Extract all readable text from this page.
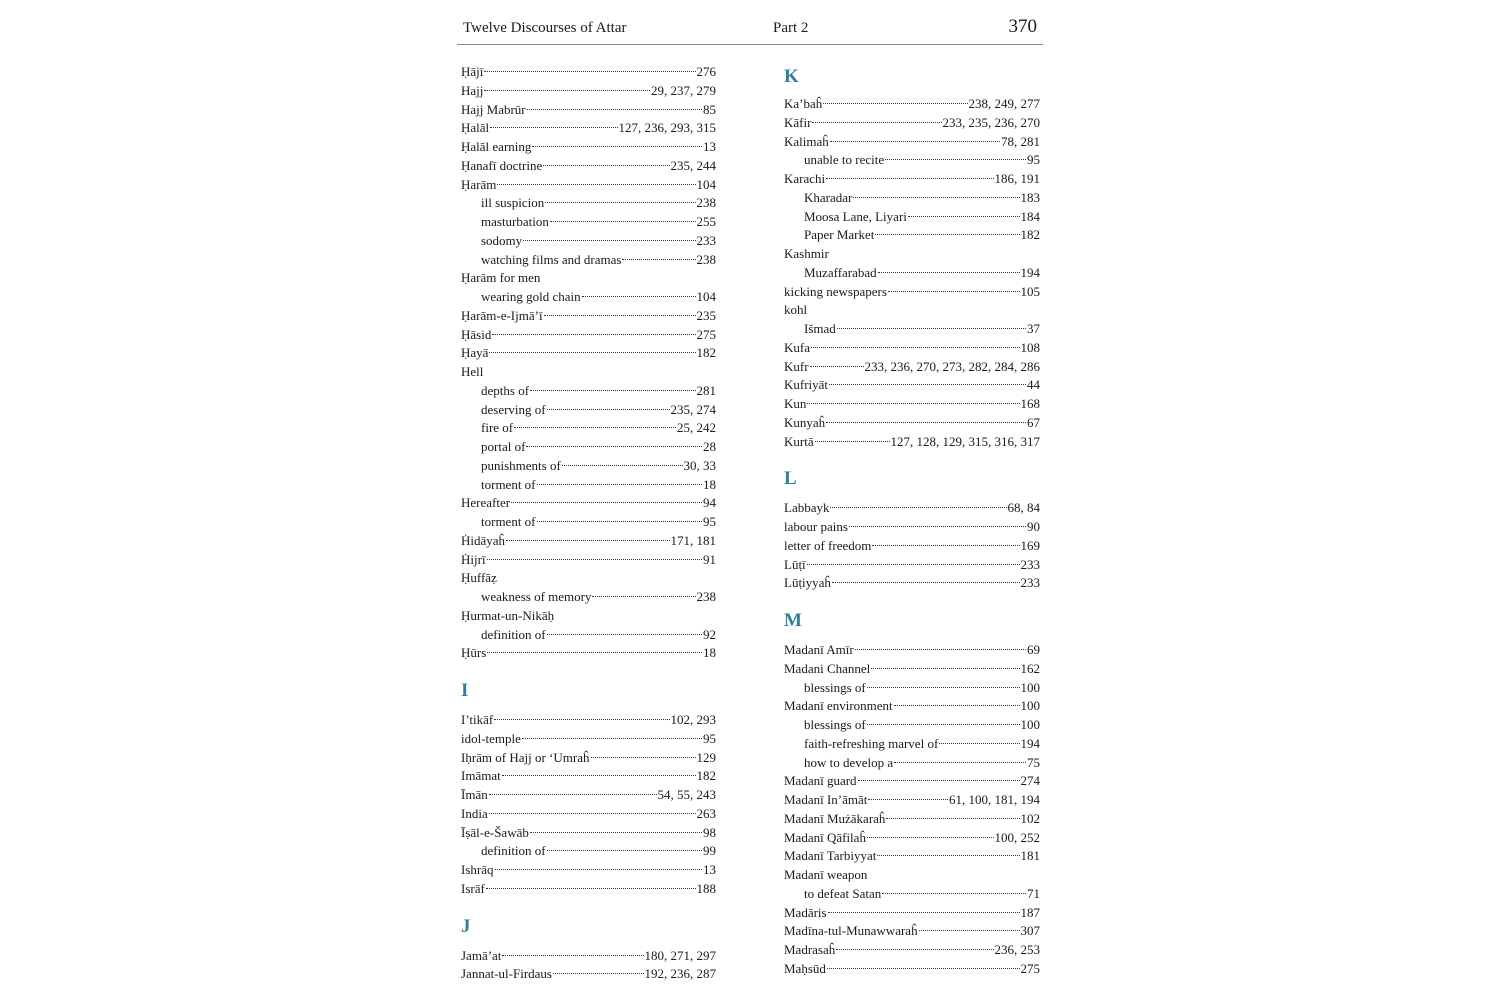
Twelve Discourses of Attar	Part 2	370
Ḥājī	276
Hajj	29, 237, 279
Hajj Mabrūr	85
Ḥalāl	127, 236, 293, 315
Ḥalāl earning	13
Ḥanafī doctrine	235, 244
Ḥarām	104
ill suspicion	238
masturbation	255
sodomy	233
watching films and dramas	238
Ḥarām for men
wearing gold chain	104
Ḥarām-e-Ijmā’ī	235
Ḥāsid	275
Ḥayā	182
Hell
depths of	281
deserving of	235, 274
fire of	25, 242
portal of	28
punishments of	30, 33
torment of	18
Hereafter	94
torment of	95
Ḣidāyaĥ	171, 181
Ḣijrī	91
Ḥuffāẓ
weakness of memory	238
Ḥurmat-un-Nikāḥ
definition of	92
Ḥūrs	18
I
I’tikāf	102, 293
idol-temple	95
Iḥrām of Hajj or ‘Umraĥ	129
Imāmat	182
Īmān	54, 55, 243
India	263
Īṣāl-e-Šawāb	98
definition of	99
Ishrāq	13
Isrāf	188
J
Jamā’at	180, 271, 297
Jannat-ul-Firdaus	192, 236, 287
K
Ka’baĥ	238, 249, 277
Kāfir	233, 235, 236, 270
Kalimaĥ	78, 281
unable to recite	95
Karachi	186, 191
Kharadar	183
Moosa Lane, Liyari	184
Paper Market	182
Kashmir
Muzaffarabad	194
kicking newspapers	105
kohl
Išmad	37
Kufa	108
Kufr	233, 236, 270, 273, 282, 284, 286
Kufriyāt	44
Kun	168
Kunyaĥ	67
Kurtā	127, 128, 129, 315, 316, 317
L
Labbayk	68, 84
labour pains	90
letter of freedom	169
Lūṭī	233
Lūṭiyyaĥ	233
M
Madanī Amīr	69
Madani Channel	162
blessings of	100
Madanī environment	100
blessings of	100
faith-refreshing marvel of	194
how to develop a	75
Madanī guard	274
Madanī In’āmāt	61, 100, 181, 194
Madanī Mużākaraĥ	102
Madanī Qāfilaĥ	100, 252
Madanī Tarbiyyat	181
Madanī weapon
to defeat Satan	71
Madāris	187
Madīna-tul-Munawwaraĥ	307
Madrasaĥ	236, 253
Maḥsūd	275
